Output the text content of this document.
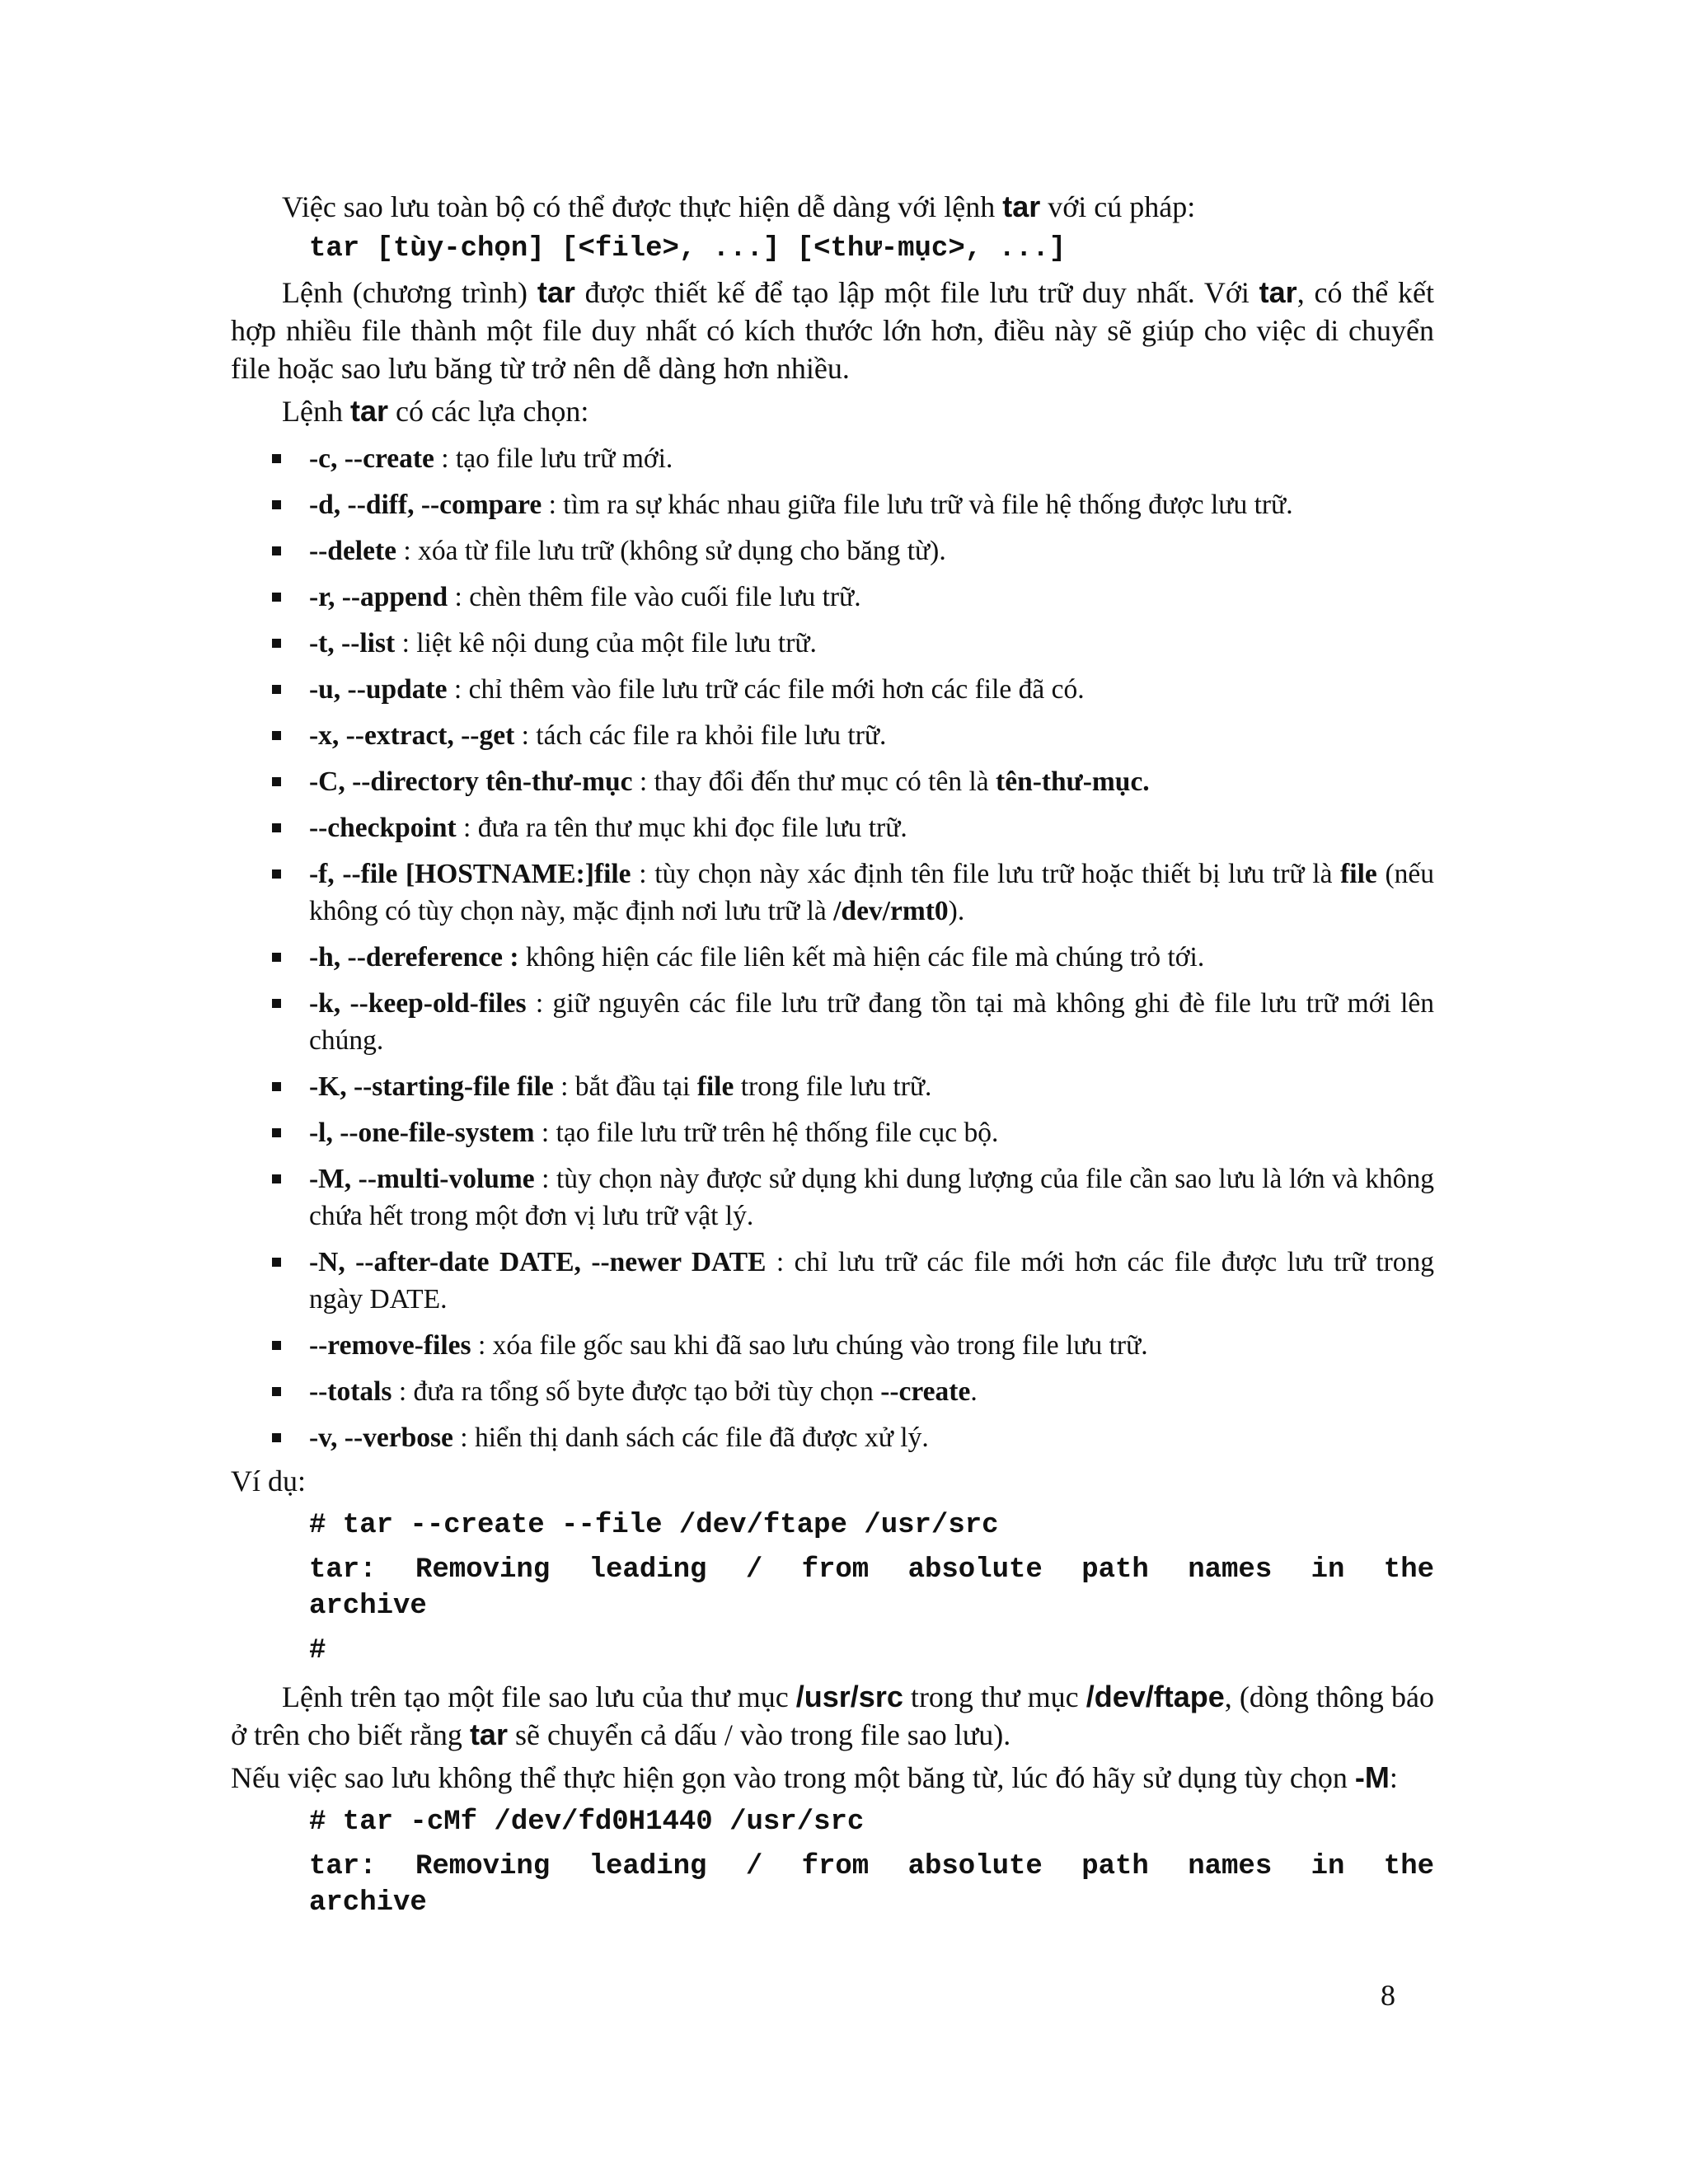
Việc sao lưu toàn bộ có thể được thực hiện dễ dàng với lệnh tar với cú pháp:

tar [tùy-chọn] [<file>, ...] [<thư-mục>, ...]

Lệnh (chương trình) tar được thiết kế để tạo lập một file lưu trữ duy nhất. Với tar, có thể kết hợp nhiều file thành một file duy nhất có kích thước lớn hơn, điều này sẽ giúp cho việc di chuyển file hoặc sao lưu băng từ trở nên dễ dàng hơn nhiều.

Lệnh tar có các lựa chọn:

-c, --create : tạo file lưu trữ mới.
-d, --diff, --compare : tìm ra sự khác nhau giữa file lưu trữ và file hệ thống được lưu trữ.
--delete : xóa từ file lưu trữ (không sử dụng cho băng từ).
-r, --append : chèn thêm file vào cuối file lưu trữ.
-t, --list : liệt kê nội dung của một file lưu trữ.
-u, --update : chỉ thêm vào file lưu trữ các file mới hơn các file đã có.
-x, --extract, --get : tách các file ra khỏi file lưu trữ.
-C, --directory tên-thư-mục : thay đổi đến thư mục có tên là tên-thư-mục.
--checkpoint : đưa ra tên thư mục khi đọc file lưu trữ.
-f, --file [HOSTNAME:]file : tùy chọn này xác định tên file lưu trữ hoặc thiết bị lưu trữ là file (nếu không có tùy chọn này, mặc định nơi lưu trữ là /dev/rmt0).
-h, --dereference : không hiện các file liên kết mà hiện các file mà chúng trỏ tới.
-k, --keep-old-files : giữ nguyên các file lưu trữ đang tồn tại mà không ghi đè file lưu trữ mới lên chúng.
-K, --starting-file file : bắt đầu tại file trong file lưu trữ.
-l, --one-file-system : tạo file lưu trữ trên hệ thống file cục bộ.
-M, --multi-volume : tùy chọn này được sử dụng khi dung lượng của file cần sao lưu là lớn và không chứa hết trong một đơn vị lưu trữ vật lý.
-N, --after-date DATE, --newer DATE : chỉ lưu trữ các file mới hơn các file được lưu trữ trong ngày DATE.
--remove-files : xóa file gốc sau khi đã sao lưu chúng vào trong file lưu trữ.
--totals : đưa ra tổng số byte được tạo bởi tùy chọn --create.
-v, --verbose : hiển thị danh sách các file đã được xử lý.

Ví dụ:

# tar --create --file /dev/ftape /usr/src
tar: Removing leading / from absolute path names in the
archive
#

Lệnh trên tạo một file sao lưu của thư mục /usr/src trong thư mục /dev/ftape, (dòng thông báo ở trên cho biết rằng tar sẽ chuyển cả dấu / vào trong file sao lưu).

Nếu việc sao lưu không thể thực hiện gọn vào trong một băng từ, lúc đó hãy sử dụng tùy chọn -M:

# tar -cMf /dev/fd0H1440 /usr/src
tar: Removing leading / from absolute path names in the
archive
8
